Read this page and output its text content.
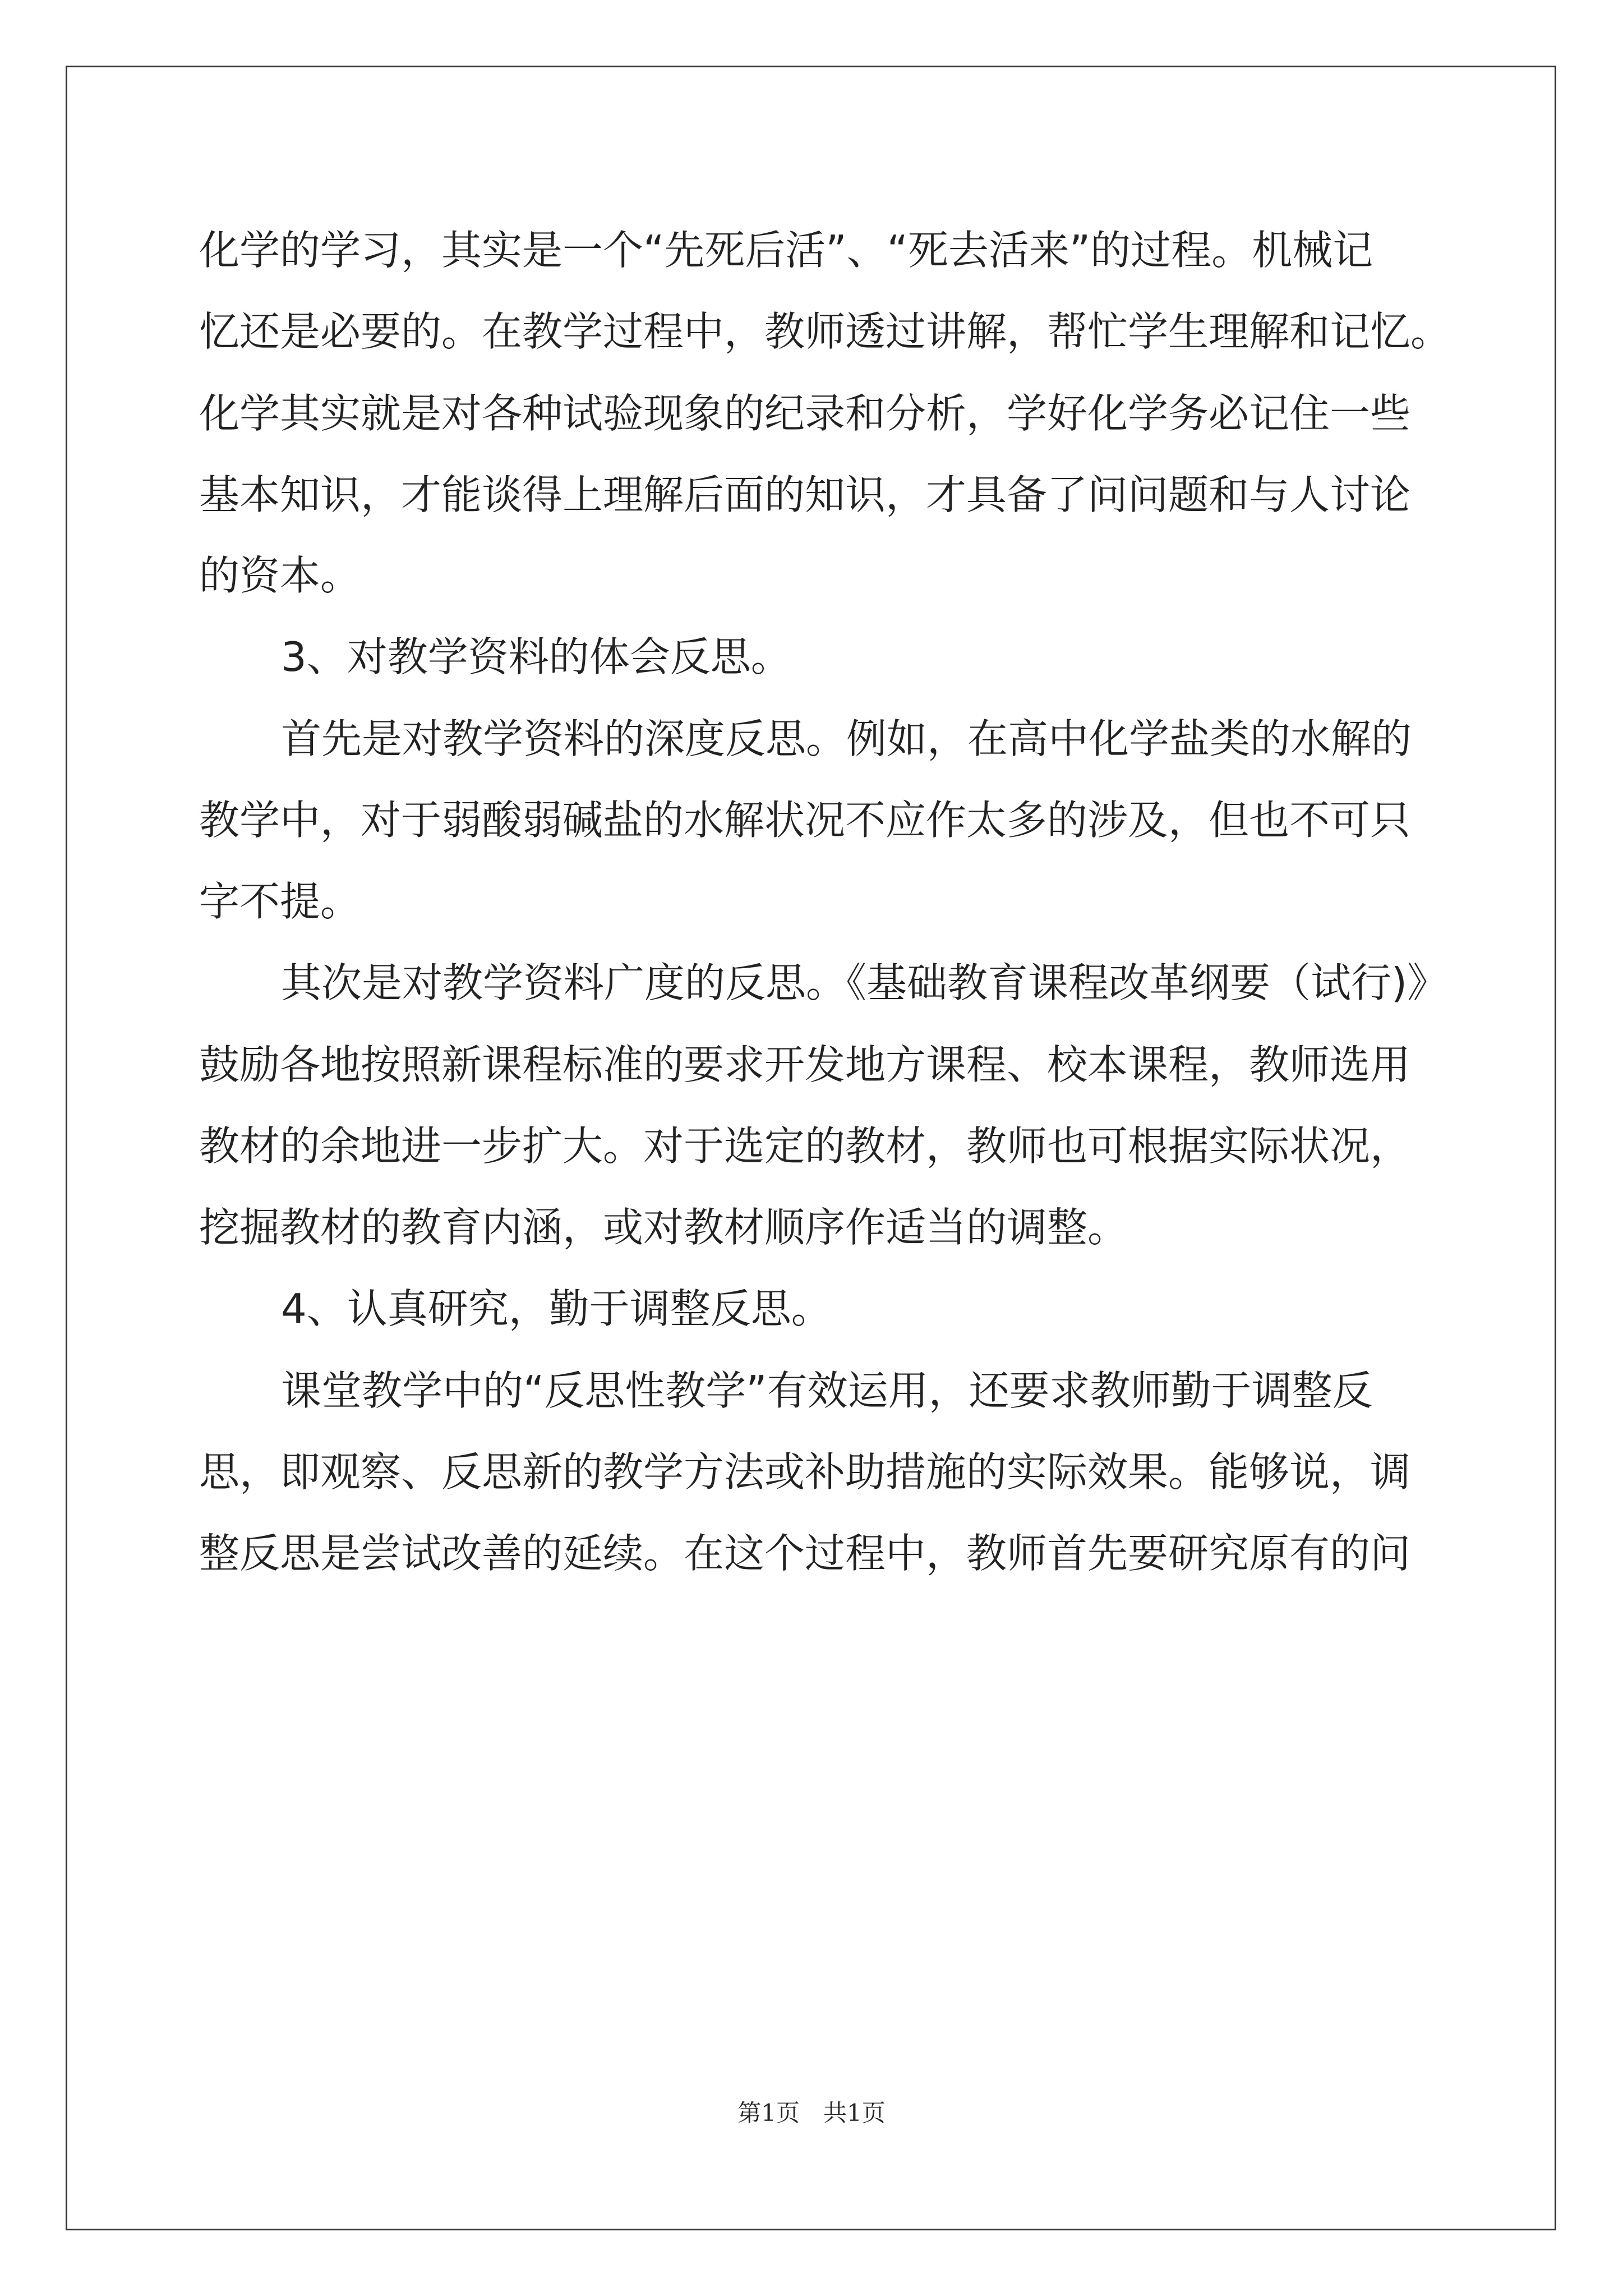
化学的学习，其实是一个“先死后活”、“死去活来”的过程。机械记
忆还是必要的。在教学过程中，教师透过讲解，帮忙学生理解和记忆。
化学其实就是对各种试验现象的纪录和分析，学好化学务必记住一些
基本知识，才能谈得上理解后面的知识，才具备了问问题和与人讨论
的资本。
3、对教学资料的体会反思。
首先是对教学资料的深度反思。例如，在高中化学盐类的水解的
教学中，对于弱酸弱碱盐的水解状况不应作太多的涉及，但也不可只
字不提。
其次是对教学资料广度的反思。《基础教育课程改革纲要（试行)》
鼓励各地按照新课程标准的要求开发地方课程、校本课程，教师选用
教材的余地进一步扩大。对于选定的教材，教师也可根据实际状况，
挖掘教材的教育内涵，或对教材顺序作适当的调整。
4、认真研究，勤于调整反思。
课堂教学中的“反思性教学”有效运用，还要求教师勤于调整反
思，即观察、反思新的教学方法或补助措施的实际效果。能够说，调
整反思是尝试改善的延续。在这个过程中，教师首先要研究原有的问
第1页　共1页
